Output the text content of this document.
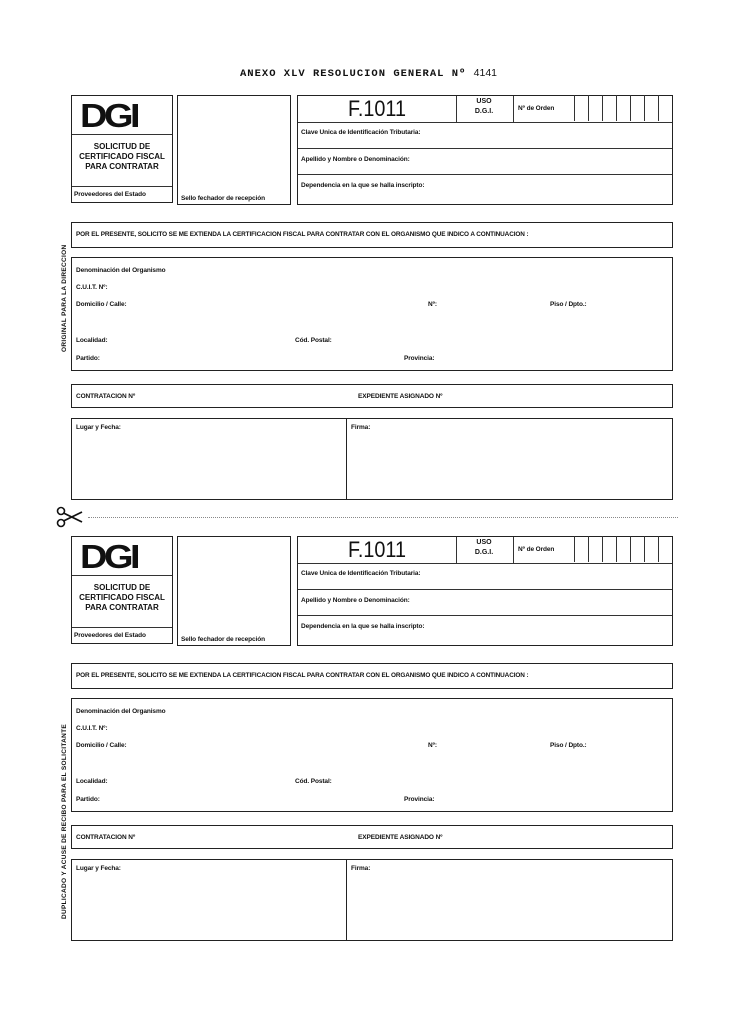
ANEXO XLV RESOLUCION GENERAL Nº 4141
ORIGINAL PARA LA DIRECCION
DGI
SOLICITUD DE
CERTIFICADO FISCAL
PARA CONTRATAR
Proveedores del Estado
Sello fechador de recepción
F.1011	USO
D.G.I.	Nº de Orden
Clave Unica de Identificación Tributaria:
Apellido y Nombre o Denominación:
Dependencia en la que se halla inscripto:
POR EL PRESENTE, SOLICITO SE ME EXTIENDA LA CERTIFICACION FISCAL PARA CONTRATAR CON EL ORGANISMO QUE INDICO A CONTINUACION :
Denominación del Organismo
C.U.I.T. Nº:
Domicilio / Calle:	Nº:	Piso / Dpto.:
Localidad:	Cód. Postal:
Partido:	Provincia:
CONTRATACION Nº	EXPEDIENTE ASIGNADO Nº
Lugar y Fecha:	Firma:
DUPLICADO Y ACUSE DE RECIBO PARA EL SOLICITANTE
DGI
SOLICITUD DE
CERTIFICADO FISCAL
PARA CONTRATAR
Proveedores del Estado
Sello fechador de recepción
F.1011	USO
D.G.I.	Nº de Orden
Clave Unica de Identificación Tributaria:
Apellido y Nombre o Denominación:
Dependencia en la que se halla inscripto:
POR EL PRESENTE, SOLICITO SE ME EXTIENDA LA CERTIFICACION FISCAL PARA CONTRATAR CON EL ORGANISMO QUE INDICO A CONTINUACION :
Denominación del Organismo
C.U.I.T. Nº:
Domicilio / Calle:	Nº:	Piso / Dpto.:
Localidad:	Cód. Postal:
Partido:	Provincia:
CONTRATACION Nº	EXPEDIENTE ASIGNADO Nº
Lugar y Fecha:	Firma:
